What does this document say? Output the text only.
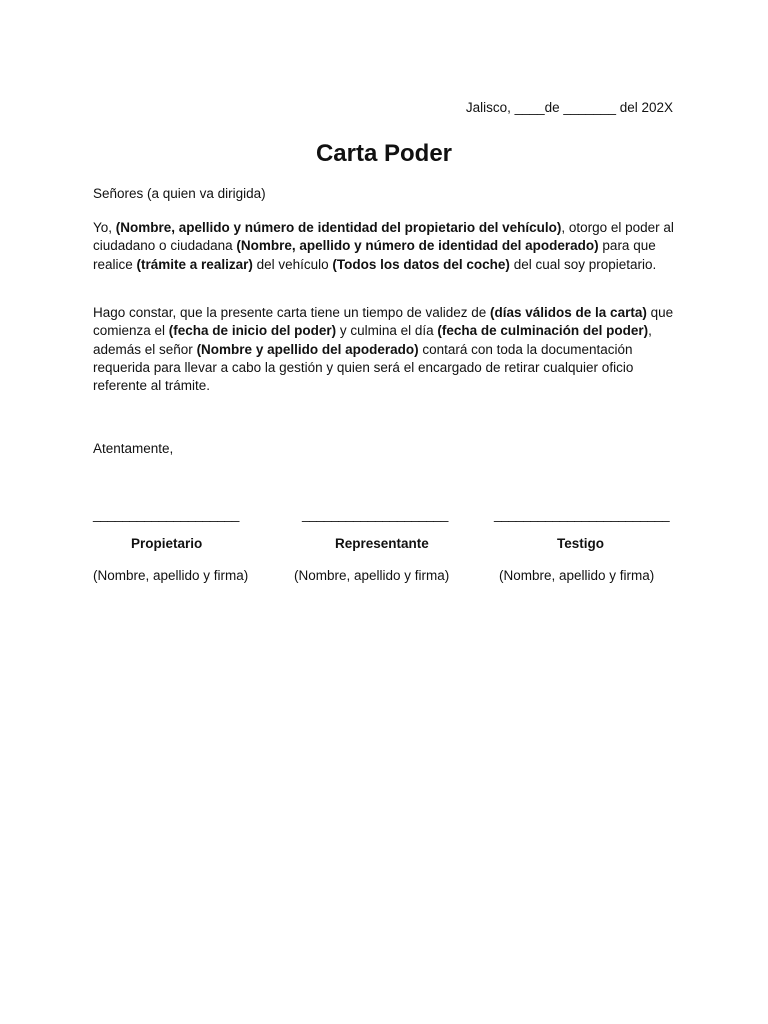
Jalisco, ____de _______ del 202X
Carta Poder
Señores (a quien va dirigida)
Yo, (Nombre, apellido y número de identidad del propietario del vehículo), otorgo el poder al ciudadano o ciudadana (Nombre, apellido y número de identidad del apoderado) para que realice (trámite a realizar) del vehículo (Todos los datos del coche) del cual soy propietario.
Hago constar, que la presente carta tiene un tiempo de validez de (días válidos de la carta) que comienza el (fecha de inicio del poder) y culmina el día (fecha de culminación del poder), además el señor (Nombre y apellido del apoderado) contará con toda la documentación requerida para llevar a cabo la gestión y quien será el encargado de retirar cualquier oficio referente al trámite.
Atentamente,
____________________	____________________	________________________
Propietario	Representante	Testigo
(Nombre, apellido y firma)	(Nombre, apellido y firma)	(Nombre, apellido y firma)
